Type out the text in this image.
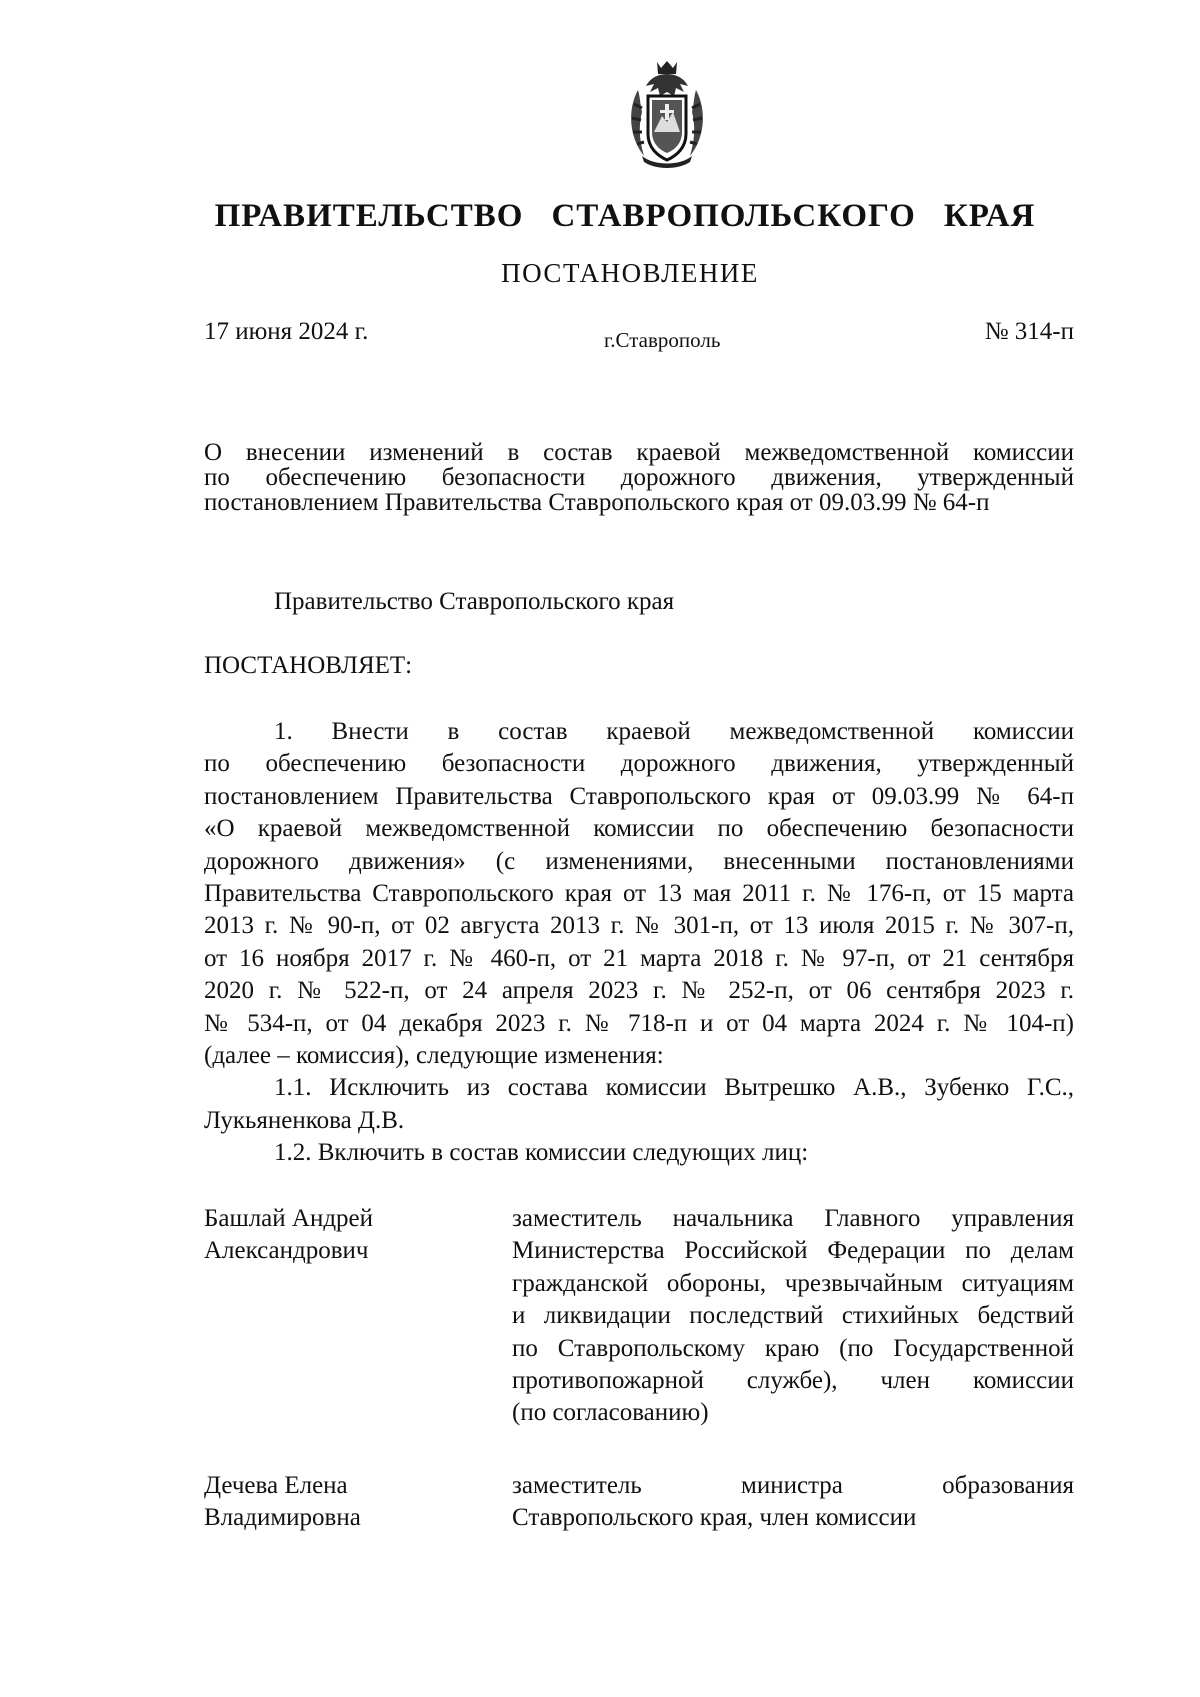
ПРАВИТЕЛЬСТВО СТАВРОПОЛЬСКОГО КРАЯ
ПОСТАНОВЛЕНИЕ
17 июня 2024 г.	г.Ставрополь	№ 314-п

О внесении изменений в состав краевой межведомственной комиссии

по обеспечению безопасности дорожного движения, утвержденный

постановлением Правительства Ставропольского края от 09.03.99 № 64-п

Правительство Ставропольского края
ПОСТАНОВЛЯЕТ:
1. Внести в состав краевой межведомственной комиссии
по обеспечению безопасности дорожного движения, утвержденный
постановлением Правительства Ставропольского края от 09.03.99 № 64-п
«О краевой межведомственной комиссии по обеспечению безопасности
дорожного движения» (с изменениями, внесенными постановлениями
Правительства Ставропольского края от 13 мая 2011 г. № 176-п, от 15 марта
2013 г. № 90-п, от 02 августа 2013 г. № 301-п, от 13 июля 2015 г. № 307-п,
от 16 ноября 2017 г. № 460-п, от 21 марта 2018 г. № 97-п, от 21 сентября
2020 г. № 522-п, от 24 апреля 2023 г. № 252-п, от 06 сентября 2023 г.
№ 534-п, от 04 декабря 2023 г. № 718-п и от 04 марта 2024 г. № 104-п)
(далее – комиссия), следующие изменения:
1.1. Исключить из состава комиссии Вытрешко А.В., Зубенко Г.С.,
Лукьяненкова Д.В.
1.2. Включить в состав комиссии следующих лиц:
Башлай Андрей
Александрович
заместитель начальника Главного управления
Министерства Российской Федерации по делам
гражданской обороны, чрезвычайным ситуациям
и ликвидации последствий стихийных бедствий
по Ставропольскому краю (по Государственной
противопожарной службе), член комиссии
(по согласованию)
Дечева Елена
Владимировна
заместитель министра образования
Ставропольского края, член комиссии
